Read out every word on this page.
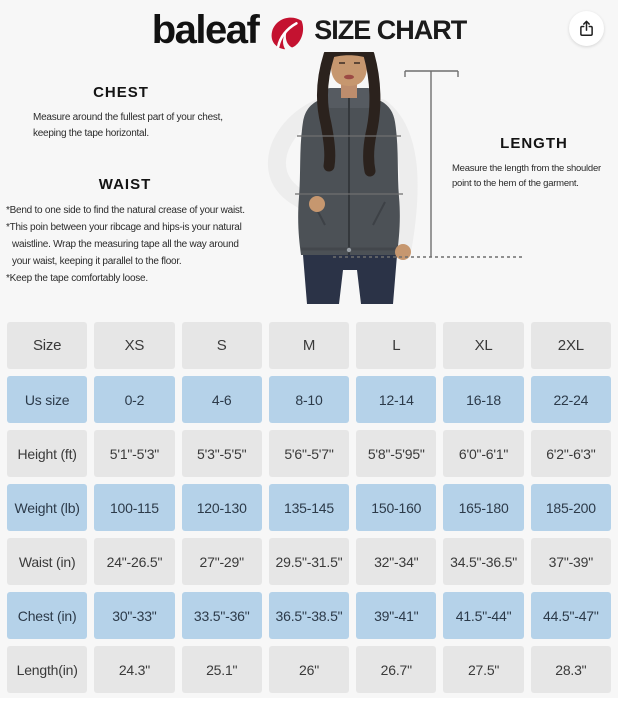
baleaf SIZE CHART
CHEST
Measure around the fullest part of your chest,
keeping the tape horizontal.
WAIST
*Bend to one side to find the natural crease of your waist.
*This poin between your ribcage and hips-is your natural
waistline. Wrap the measuring tape all the way around
your waist, keeping it parallel to the floor.
*Keep the tape comfortably loose.
LENGTH
Measure the length from the shoulder
point to the hem of the garment.
Size	XS	S	M	L	XL	2XL
Us size	0-2	4-6	8-10	12-14	16-18	22-24
Height (ft)	5'1"-5'3"	5'3"-5'5"	5'6"-5'7"	5'8"-5'95"	6'0"-6'1"	6'2"-6'3"
Weight (lb)	100-115	120-130	135-145	150-160	165-180	185-200
Waist (in)	24"-26.5"	27"-29"	29.5"-31.5"	32"-34"	34.5"-36.5"	37"-39"
Chest (in)	30"-33"	33.5"-36"	36.5"-38.5"	39"-41"	41.5"-44"	44.5"-47"
Length(in)	24.3"	25.1"	26"	26.7"	27.5"	28.3"
